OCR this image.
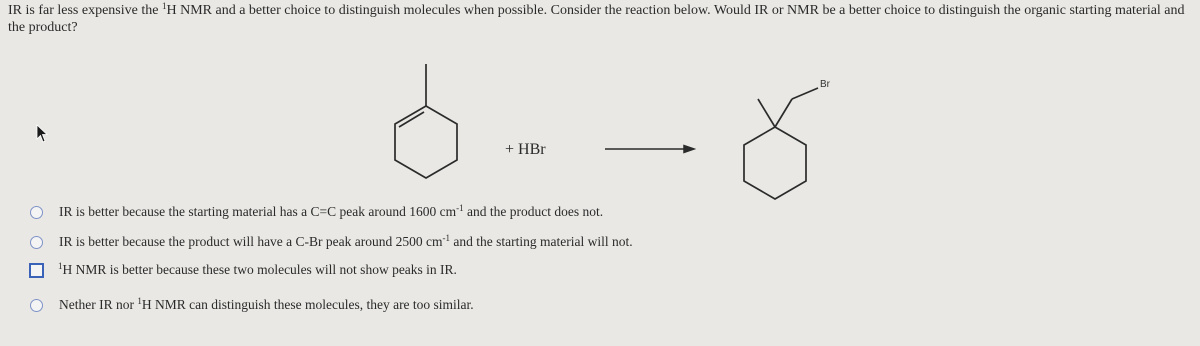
IR is far less expensive the $^1$H NMR and a better choice to distinguish molecules when possible. Consider the reaction below. Would IR or NMR be a better choice to distinguish the organic starting material and the product?
+ HBr
Br
IR is better because the starting material has a C=C peak around 1600 $cm^{-1}$ and the product does not.
IR is better because the product will have a C-Br peak around 2500 $cm^{-1}$ and the starting material will not.
$^1$H NMR is better because these two molecules will not show peaks in IR.
Nether IR nor $^1$H NMR can distinguish these molecules, they are too similar.
